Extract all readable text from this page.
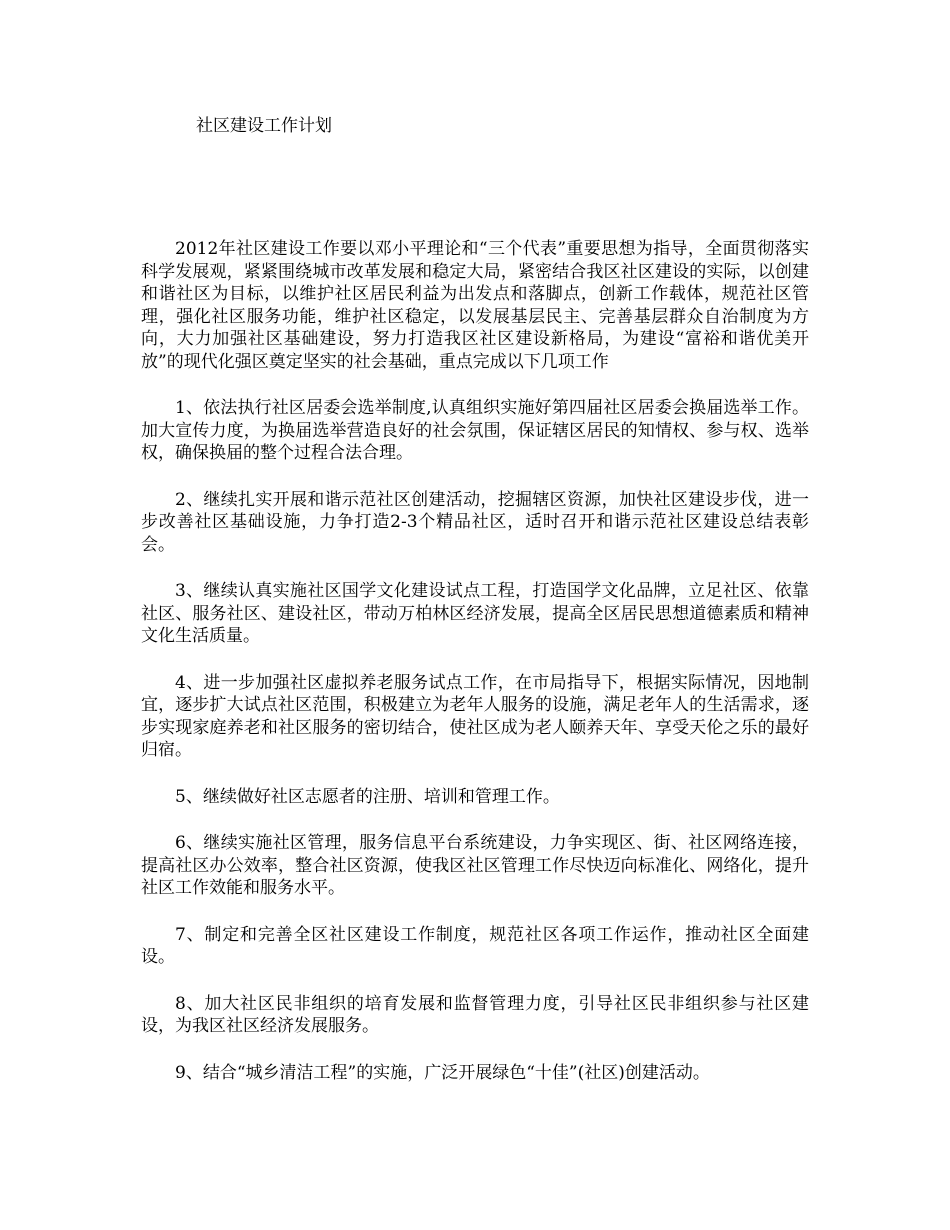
社区建设工作计划

2012年社区建设工作要以邓小平理论和“三个代表”重要思想为指导，全面贯彻落实科学发展观，紧紧围绕城市改革发展和稳定大局，紧密结合我区社区建设的实际，以创建和谐社区为目标，以维护社区居民利益为出发点和落脚点，创新工作载体，规范社区管理，强化社区服务功能，维护社区稳定，以发展基层民主、完善基层群众自治制度为方向，大力加强社区基础建设，努力打造我区社区建设新格局，为建设“富裕和谐优美开放”的现代化强区奠定坚实的社会基础，重点完成以下几项工作

1、依法执行社区居委会选举制度,认真组织实施好第四届社区居委会换届选举工作。加大宣传力度，为换届选举营造良好的社会氛围，保证辖区居民的知情权、参与权、选举权，确保换届的整个过程合法合理。

2、继续扎实开展和谐示范社区创建活动，挖掘辖区资源，加快社区建设步伐，进一步改善社区基础设施，力争打造2-3个精品社区，适时召开和谐示范社区建设总结表彰会。

3、继续认真实施社区国学文化建设试点工程，打造国学文化品牌，立足社区、依靠社区、服务社区、建设社区，带动万柏林区经济发展，提高全区居民思想道德素质和精神文化生活质量。

4、进一步加强社区虚拟养老服务试点工作，在市局指导下，根据实际情况，因地制宜，逐步扩大试点社区范围，积极建立为老年人服务的设施，满足老年人的生活需求，逐步实现家庭养老和社区服务的密切结合，使社区成为老人颐养天年、享受天伦之乐的最好归宿。

5、继续做好社区志愿者的注册、培训和管理工作。

6、继续实施社区管理，服务信息平台系统建设，力争实现区、街、社区网络连接，提高社区办公效率，整合社区资源，使我区社区管理工作尽快迈向标准化、网络化，提升社区工作效能和服务水平。

7、制定和完善全区社区建设工作制度，规范社区各项工作运作，推动社区全面建设。

8、加大社区民非组织的培育发展和监督管理力度，引导社区民非组织参与社区建设，为我区社区经济发展服务。

9、结合“城乡清洁工程”的实施，广泛开展绿色“十佳”(社区)创建活动。
